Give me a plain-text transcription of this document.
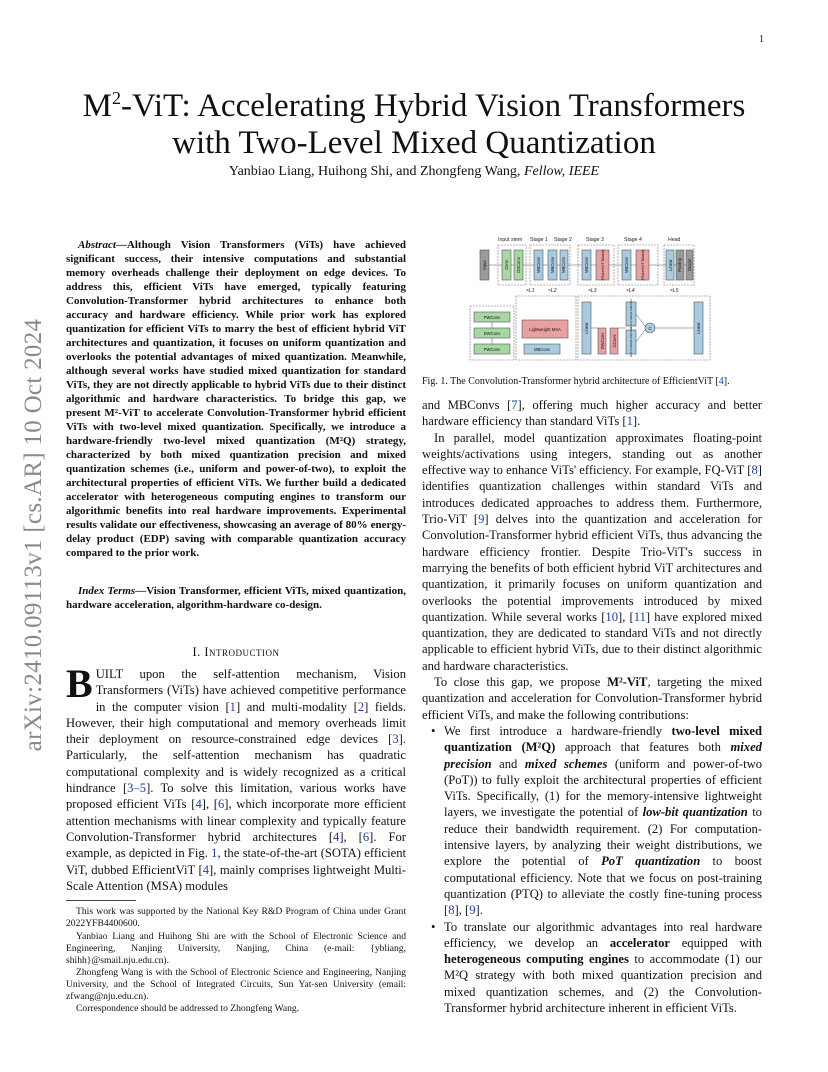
1
arXiv:2410.09113v1 [cs.AR] 10 Oct 2024
$M^2$-ViT: Accelerating Hybrid Vision Transformers
with Two-Level Mixed Quantization
Yanbiao Liang, Huihong Shi, and Zhongfeng Wang, Fellow, IEEE
Abstract—Although Vision Transformers (ViTs) have achieved significant success, their intensive computations and substantial memory overheads challenge their deployment on edge devices. To address this, efficient ViTs have emerged, typically featuring Convolution-Transformer hybrid architectures to enhance both accuracy and hardware efficiency. While prior work has explored quantization for efficient ViTs to marry the best of efficient hybrid ViT architectures and quantization, it focuses on uniform quantization and overlooks the potential advantages of mixed quantization. Meanwhile, although several works have studied mixed quantization for standard ViTs, they are not directly applicable to hybrid ViTs due to their distinct algorithmic and hardware characteristics. To bridge this gap, we present M²-ViT to accelerate Convolution-Transformer hybrid efficient ViTs with two-level mixed quantization. Specifically, we introduce a hardware-friendly two-level mixed quantization (M²Q) strategy, characterized by both mixed quantization precision and mixed quantization schemes (i.e., uniform and power-of-two), to exploit the architectural properties of efficient ViTs. We further build a dedicated accelerator with heterogeneous computing engines to transform our algorithmic benefits into real hardware improvements. Experimental results validate our effectiveness, showcasing an average of 80% energy-delay product (EDP) saving with comparable quantization accuracy compared to the prior work.
Index Terms—Vision Transformer, efficient ViTs, mixed quantization, hardware acceleration, algorithm-hardware co-design.
I. Introduction
BUILT upon the self-attention mechanism, Vision Transformers (ViTs) have achieved competitive performance in the computer vision [ 1 ] and multi-modality [ 2 ] fields. However, their high computational and memory overheads limit their deployment on resource-constrained edge devices [ 3 ] . Particularly, the self-attention mechanism has quadratic computational complexity and is widely recognized as a critical hindrance [ 3–5 ] . To solve this limitation, various works have proposed efficient ViTs [ 4 ] , [ 6 ] , which incorporate more efficient attention mechanisms with linear complexity and typically feature Convolution-Transformer hybrid architectures [ 4 ] , [ 6 ] . For example, as depicted in Fig. 1, the state-of-the-art (SOTA) efficient ViT, dubbed EfficientViT [ 4 ] , mainly comprises lightweight Multi-Scale Attention (MSA) modules
This work was supported by the National Key R&D Program of China under Grant 2022YFB4400600.
Yanbiao Liang and Huihong Shi are with the School of Electronic Science and Engineering, Nanjing University, Nanjing, China (e-mail: {ybliang, shihh}@smail.nju.edu.cn).
Zhongfeng Wang is with the School of Electronic Science and Engineering, Nanjing University, and the School of Integrated Circuits, Sun Yat-sen University (email: zfwang@nju.edu.cn).
Correspondence should be addressed to Zhongfeng Wang.
Input stem Stage 1 Stage 2	Stage 3	Stage 4	Head
Input	Conv DSConv	MBConv MBConv MBConv	MBConv	EfficientViT Module	MBConv	EfficientViT Module	Pooling Output
Linear
PWConv
DWConv
PWConv
Lightweight MSA
MBConv
Linear
DWConv GConv
ReLU Global Attention
ReLU Global Attention	C	Linear
×L1	×L2	×L3	×L4	×L5
Fig. 1. The Convolution-Transformer hybrid architecture of EfficientViT [ 4 ] .

and MBConvs [ 7 ] , offering much higher accuracy and better hardware efficiency than standard ViTs [ 1 ] .

In parallel, model quantization approximates floating-point weights/activations using integers, standing out as another effective way to enhance ViTs' efficiency. For example, FQ-ViT [ 8 ] identifies quantization challenges within standard ViTs and introduces dedicated approaches to address them. Furthermore, Trio-ViT [ 9 ] delves into the quantization and acceleration for Convolution-Transformer hybrid efficient ViTs, thus advancing the hardware efficiency frontier. Despite Trio-ViT's success in marrying the benefits of both efficient hybrid ViT architectures and quantization, it primarily focuses on uniform quantization and overlooks the potential improvements introduced by mixed quantization. While several works [ 10 ] , [ 11 ] have explored mixed quantization, they are dedicated to standard ViTs and not directly applicable to efficient hybrid ViTs, due to their distinct algorithmic and hardware characteristics.

To close this gap, we propose M²-ViT, targeting the mixed quantization and acceleration for Convolution-Transformer hybrid efficient ViTs, and make the following contributions:

• We first introduce a hardware-friendly two-level mixed quantization (M²Q) approach that features both mixed precision and mixed schemes (uniform and power-of-two (PoT)) to fully exploit the architectural properties of efficient ViTs. Specifically, (1) for the memory-intensive lightweight layers, we investigate the potential of low-bit quantization to reduce their bandwidth requirement. (2) For computation-intensive layers, by analyzing their weight distributions, we explore the potential of PoT quantization to boost computational efficiency. Note that we focus on post-training quantization (PTQ) to alleviate the costly fine-tuning process [ 8 ] , [ 9 ] .
• To translate our algorithmic advantages into real hardware efficiency, we develop an accelerator equipped with heterogeneous computing engines to accommodate (1) our M²Q strategy with both mixed quantization precision and mixed quantization schemes, and (2) the Convolution-Transformer hybrid architecture inherent in efficient ViTs.
